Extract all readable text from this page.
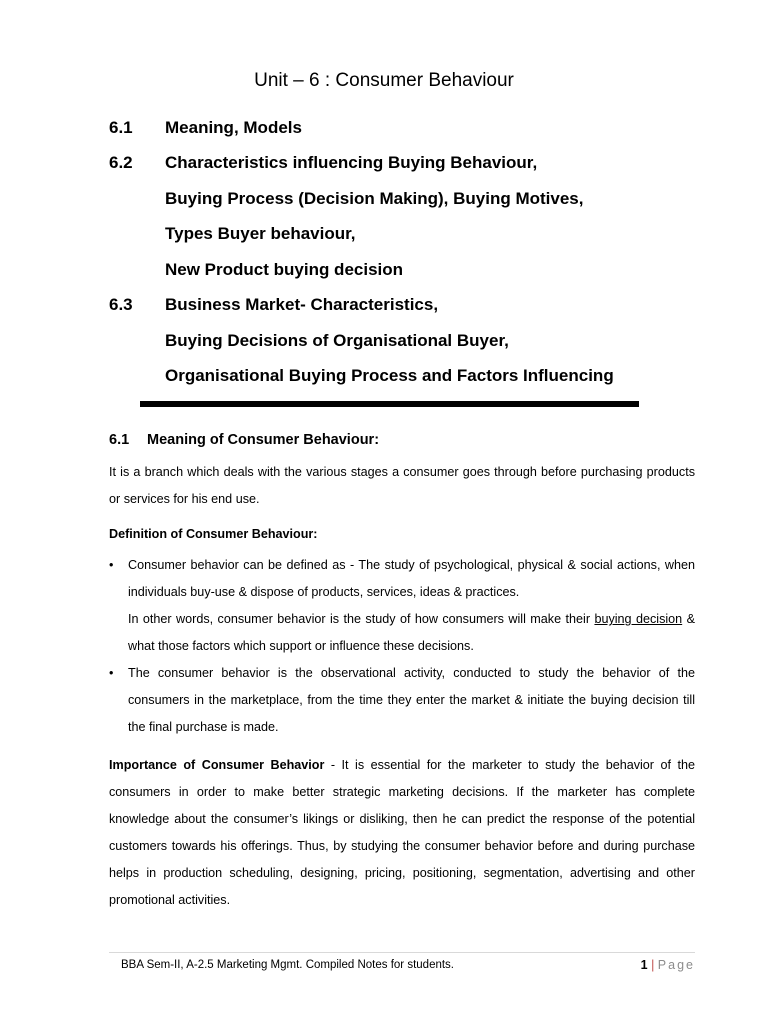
Unit – 6 : Consumer Behaviour
6.1	Meaning, Models
6.2	Characteristics influencing Buying Behaviour,
Buying Process (Decision Making), Buying Motives,
Types Buyer behaviour,
New Product buying decision
6.3	Business Market- Characteristics,
Buying Decisions of Organisational Buyer,
Organisational Buying Process and Factors Influencing
6.1 Meaning of Consumer Behaviour:
It is a branch which deals with the various stages a consumer goes through before purchasing products or services for his end use.
Definition of Consumer Behaviour:
• Consumer behavior can be defined as - The study of psychological, physical & social actions, when individuals buy-use & dispose of products, services, ideas & practices.

In other words, consumer behavior is the study of how consumers will make their buying decision & what those factors which support or influence these decisions.

• The consumer behavior is the observational activity, conducted to study the behavior of the consumers in the marketplace, from the time they enter the market & initiate the buying decision till the final purchase is made.

Importance of Consumer Behavior - It is essential for the marketer to study the behavior of the consumers in order to make better strategic marketing decisions. If the marketer has complete knowledge about the consumer’s likings or disliking, then he can predict the response of the potential customers towards his offerings. Thus, by studying the consumer behavior before and during purchase helps in production scheduling, designing, pricing, positioning, segmentation, advertising and other promotional activities.
BBA Sem-II, A-2.5 Marketing Mgmt. Compiled Notes for students.	1 | Page
